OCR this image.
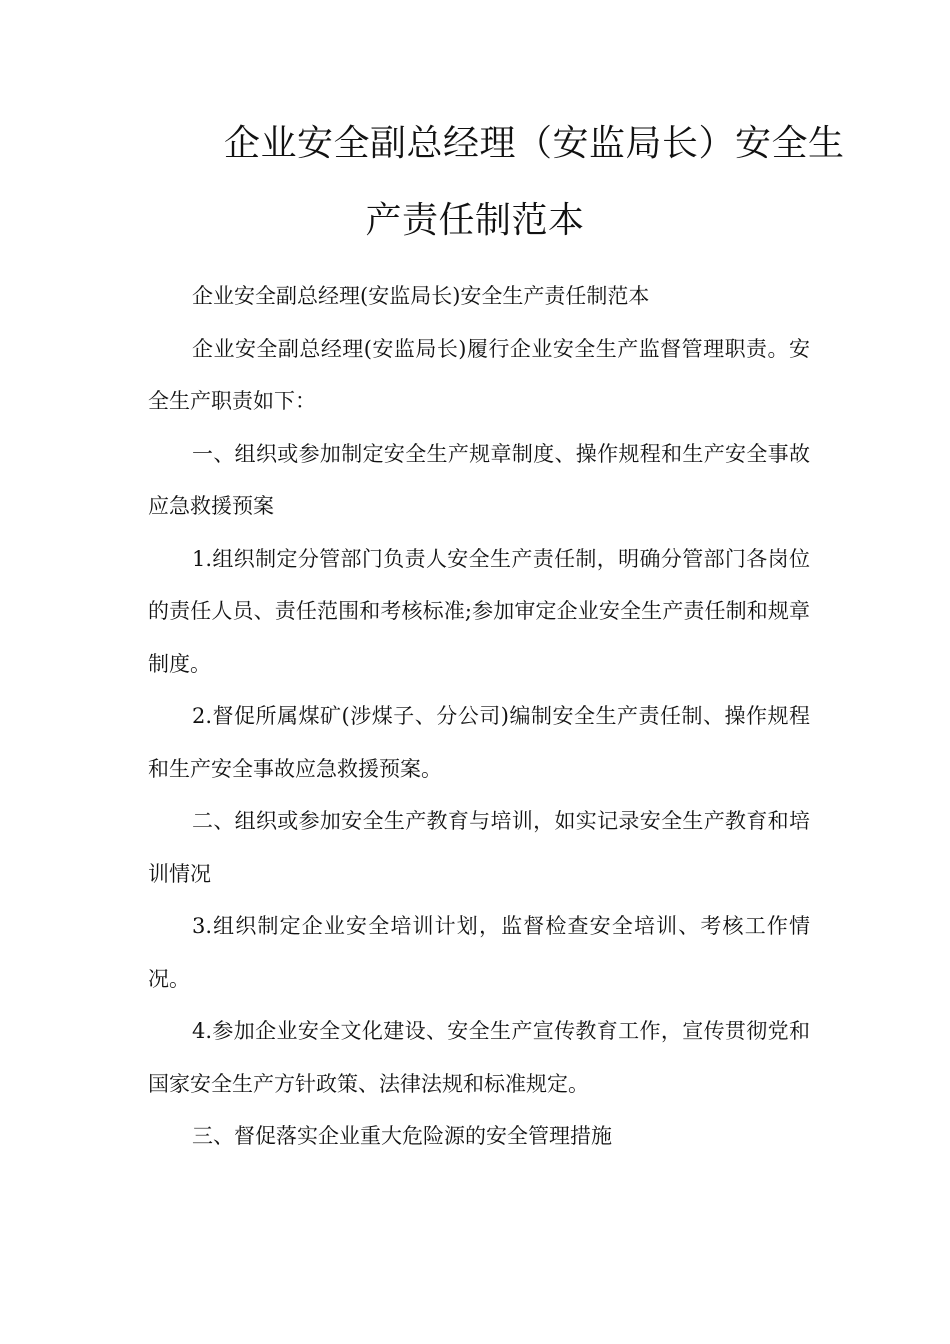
企业安全副总经理（安监局长）安全生
产责任制范本

企业安全副总经理(安监局长)安全生产责任制范本

企业安全副总经理(安监局长)履行企业安全生产监督管理职责。安全生产职责如下：

一、组织或参加制定安全生产规章制度、操作规程和生产安全事故应急救援预案

1.组织制定分管部门负责人安全生产责任制，明确分管部门各岗位的责任人员、责任范围和考核标准;参加审定企业安全生产责任制和规章制度。

2.督促所属煤矿(涉煤子、分公司)编制安全生产责任制、操作规程和生产安全事故应急救援预案。

二、组织或参加安全生产教育与培训，如实记录安全生产教育和培训情况

3.组织制定企业安全培训计划，监督检查安全培训、考核工作情况。

4.参加企业安全文化建设、安全生产宣传教育工作，宣传贯彻党和国家安全生产方针政策、法律法规和标准规定。

三、督促落实企业重大危险源的安全管理措施
